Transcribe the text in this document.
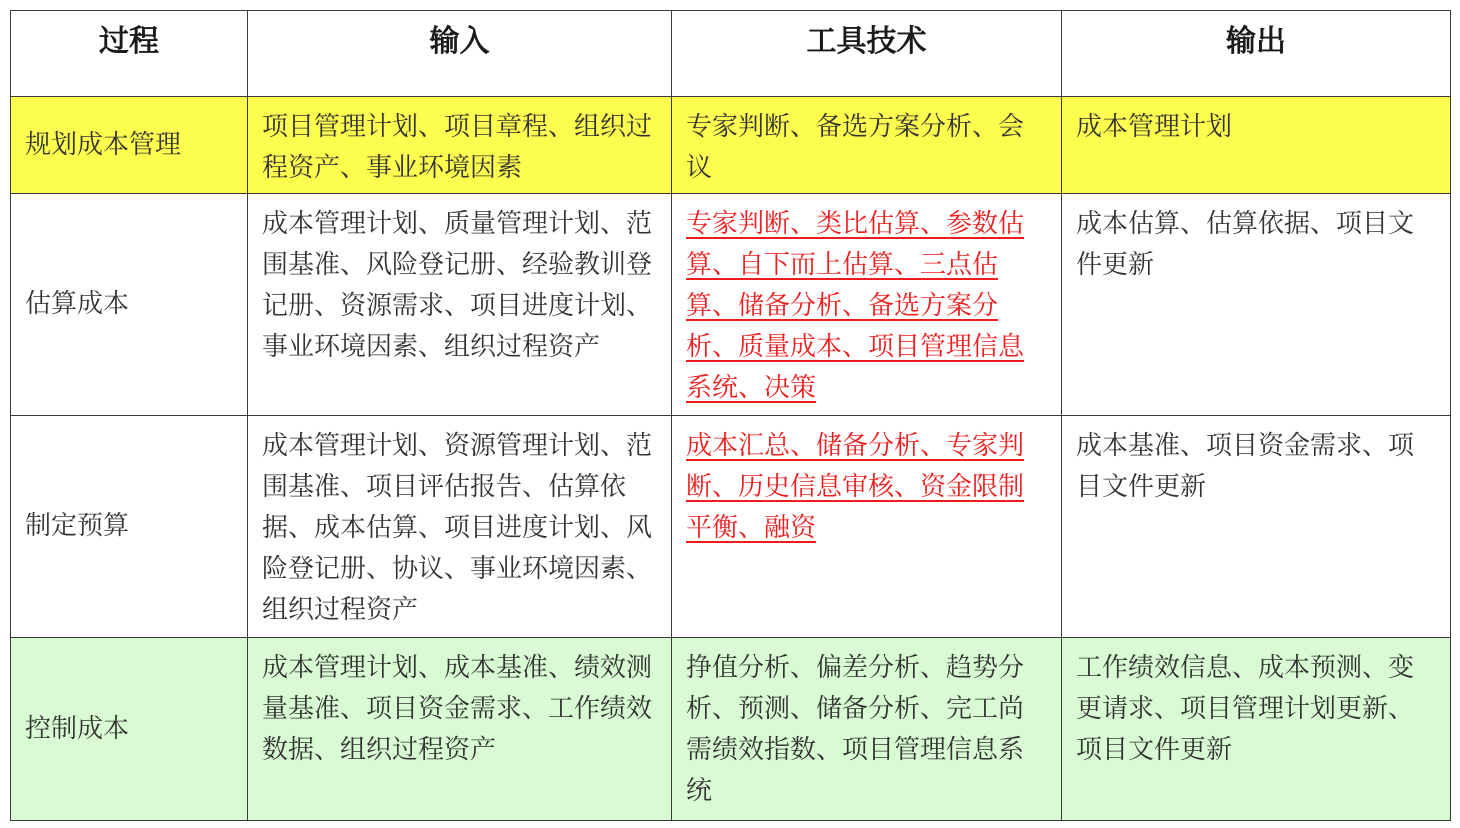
过程	输入	工具技术	输出
规划成本管理	项目管理计划、项目章程、组织过程资产、事业环境因素	专家判断、备选方案分析、会议	成本管理计划
估算成本	成本管理计划、质量管理计划、范围基准、风险登记册、经验教训登记册、资源需求、项目进度计划、事业环境因素、组织过程资产	专家判断、类比估算、参数估算、自下而上估算、三点估算、储备分析、备选方案分析、质量成本、项目管理信息系统、决策	成本估算、估算依据、项目文件更新
制定预算	成本管理计划、资源管理计划、范围基准、项目评估报告、估算依据、成本估算、项目进度计划、风险登记册、协议、事业环境因素、组织过程资产	成本汇总、储备分析、专家判断、历史信息审核、资金限制平衡、融资	成本基准、项目资金需求、项目文件更新
控制成本	成本管理计划、成本基准、绩效测量基准、项目资金需求、工作绩效数据、组织过程资产	挣值分析、偏差分析、趋势分析、预测、储备分析、完工尚需绩效指数、项目管理信息系统	工作绩效信息、成本预测、变更请求、项目管理计划更新、项目文件更新
